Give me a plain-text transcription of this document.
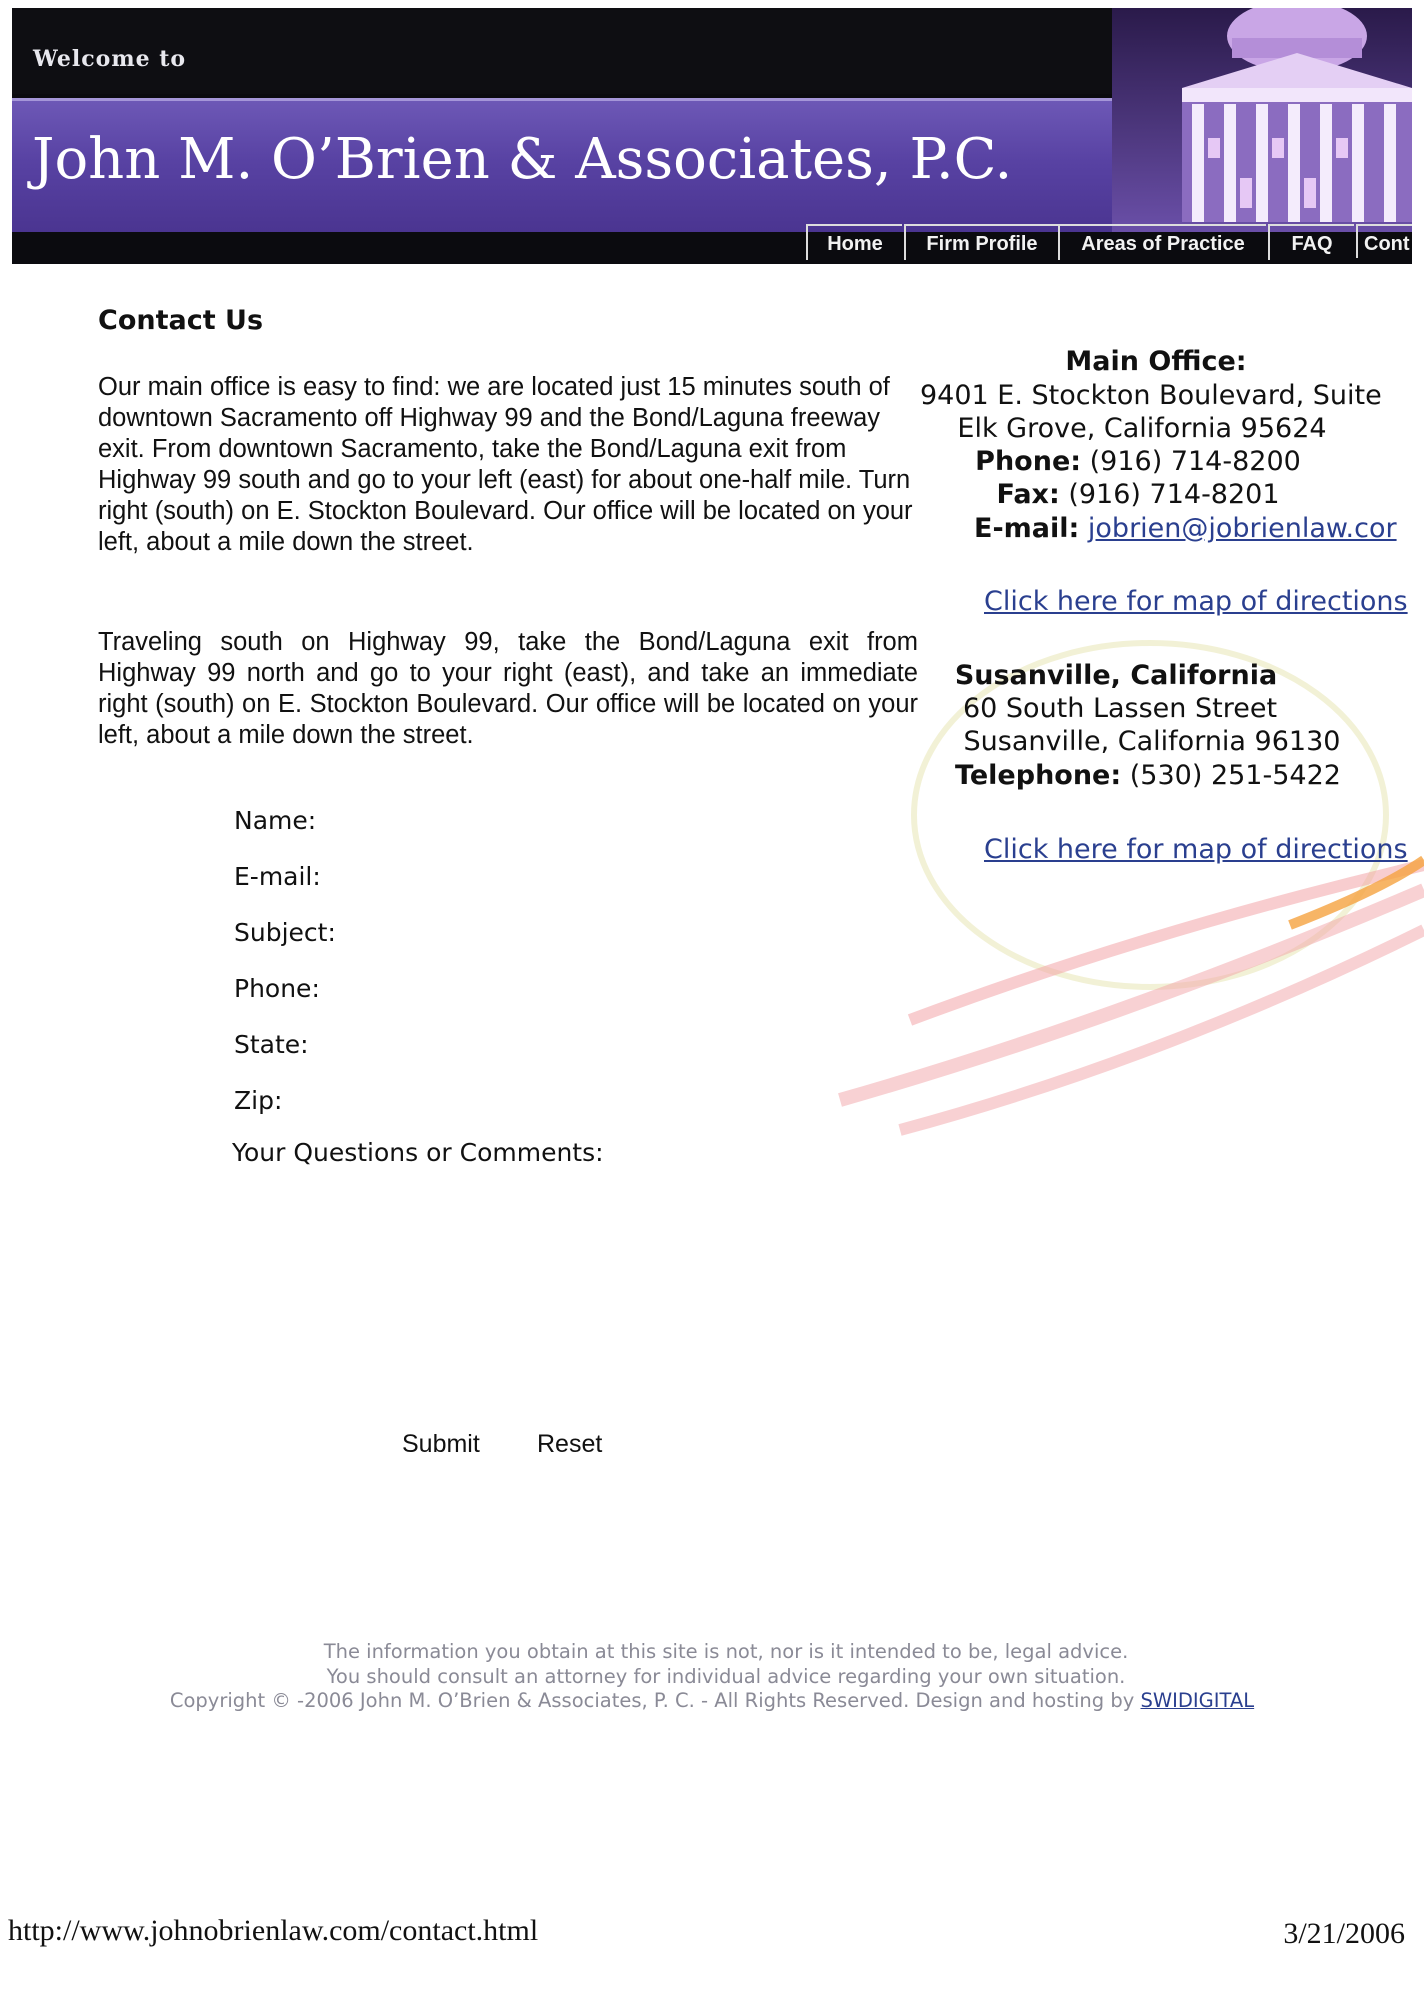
Welcome to
John M. O’Brien & Associates, P.C.
Home	Firm Profile	Areas of Practice	FAQ	Cont
Contact Us

Our main office is easy to find: we are located just 15 minutes south of downtown Sacramento off Highway 99 and the Bond/Laguna freeway exit. From downtown Sacramento, take the Bond/Laguna exit from Highway 99 south and go to your left (east) for about one-half mile. Turn right (south) on E. Stockton Boulevard. Our office will be located on your left, about a mile down the street.

Traveling south on Highway 99, take the Bond/Laguna exit from Highway 99 north and go to your right (east), and take an immediate right (south) on E. Stockton Boulevard. Our office will be located on your left, about a mile down the street.

Name:
E-mail:
Subject:
Phone:
State:
Zip:
Your Questions or Comments:
Submit Reset
Main Office:
9401 E. Stockton Boulevard, Suite
Elk Grove, California 95624
Phone: (916) 714-8200
Fax: (916) 714-8201
E-mail: jobrien@jobrienlaw.cor
Click here for map of directions
Susanville, California
60 South Lassen Street
Susanville, California 96130
Telephone: (530) 251-5422
Click here for map of directions
The information you obtain at this site is not, nor is it intended to be, legal advice.
You should consult an attorney for individual advice regarding your own situation.
Copyright © -2006 John M. O’Brien & Associates, P. C. - All Rights Reserved. Design and hosting by SWIDIGITAL
http://www.johnobrienlaw.com/contact.html	3/21/2006
